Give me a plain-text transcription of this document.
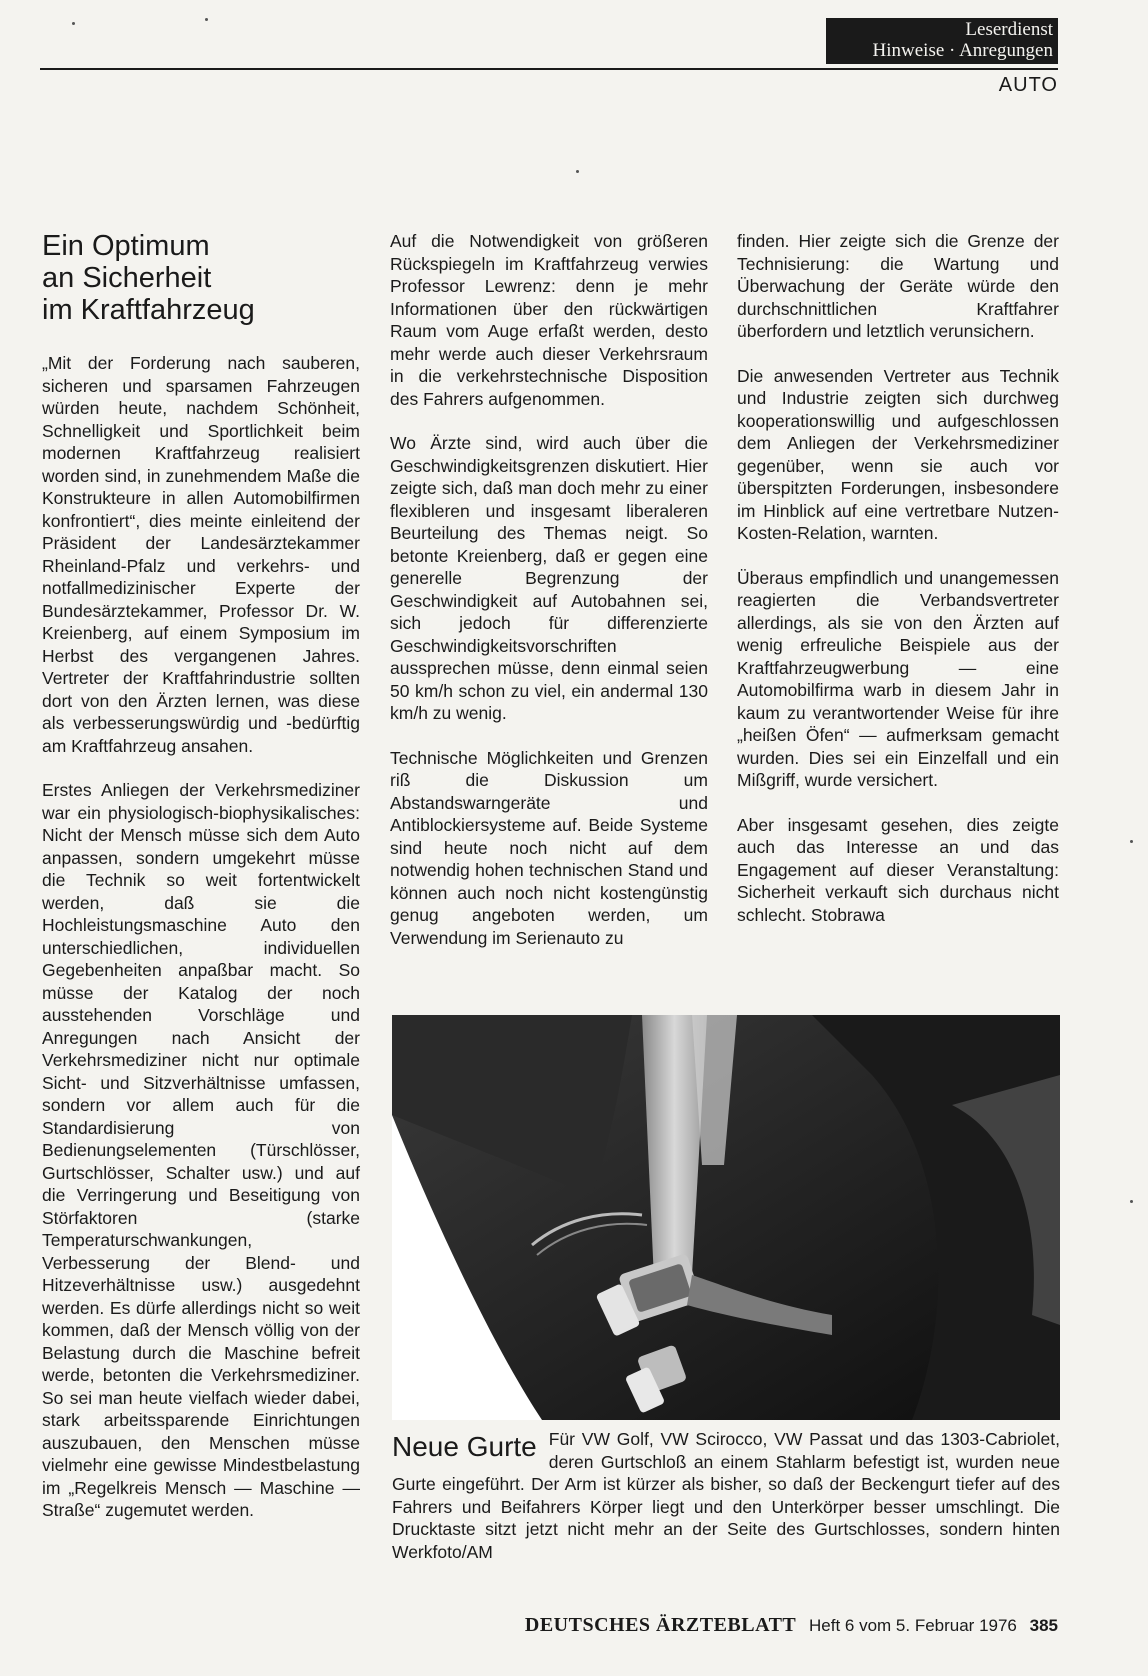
Leserdienst
Hinweise · Anregungen
AUTO
Ein Optimum
an Sicherheit
im Kraftfahrzeug

„Mit der Forderung nach sauberen, sicheren und sparsamen Fahrzeugen würden heute, nachdem Schönheit, Schnelligkeit und Sportlichkeit beim modernen Kraftfahrzeug realisiert worden sind, in zunehmendem Maße die Konstrukteure in allen Automobilfirmen konfrontiert“, dies meinte einleitend der Präsident der Landesärztekammer Rheinland-Pfalz und verkehrs- und notfallmedizinischer Experte der Bundesärztekammer, Professor Dr. W. Kreienberg, auf einem Symposium im Herbst des vergangenen Jahres. Vertreter der Kraftfahrindustrie sollten dort von den Ärzten lernen, was diese als verbesserungswürdig und -bedürftig am Kraftfahrzeug ansahen.

Erstes Anliegen der Verkehrsmediziner war ein physiologisch-biophysikalisches: Nicht der Mensch müsse sich dem Auto anpassen, sondern umgekehrt müsse die Technik so weit fortentwickelt werden, daß sie die Hochleistungsmaschine Auto den unterschiedlichen, individuellen Gegebenheiten anpaßbar macht. So müsse der Katalog der noch ausstehenden Vorschläge und Anregungen nach Ansicht der Verkehrsmediziner nicht nur optimale Sicht- und Sitzverhältnisse umfassen, sondern vor allem auch für die Standardisierung von Bedienungselementen (Türschlösser, Gurtschlösser, Schalter usw.) und auf die Verringerung und Beseitigung von Störfaktoren (starke Temperaturschwankungen, Verbesserung der Blend- und Hitzeverhältnisse usw.) ausgedehnt werden. Es dürfe allerdings nicht so weit kommen, daß der Mensch völlig von der Belastung durch die Maschine befreit werde, betonten die Verkehrsmediziner. So sei man heute vielfach wieder dabei, stark arbeitssparende Einrichtungen auszubauen, den Menschen müsse vielmehr eine gewisse Mindestbelastung im „Regelkreis Mensch — Maschine — Straße“ zugemutet werden.

Auf die Notwendigkeit von größeren Rückspiegeln im Kraftfahrzeug verwies Professor Lewrenz: denn je mehr Informationen über den rückwärtigen Raum vom Auge erfaßt werden, desto mehr werde auch dieser Verkehrsraum in die verkehrstechnische Disposition des Fahrers aufgenommen.

Wo Ärzte sind, wird auch über die Geschwindigkeitsgrenzen diskutiert. Hier zeigte sich, daß man doch mehr zu einer flexibleren und insgesamt liberaleren Beurteilung des Themas neigt. So betonte Kreienberg, daß er gegen eine generelle Begrenzung der Geschwindigkeit auf Autobahnen sei, sich jedoch für differenzierte Geschwindigkeitsvorschriften aussprechen müsse, denn einmal seien 50 km/h schon zu viel, ein andermal 130 km/h zu wenig.

Technische Möglichkeiten und Grenzen riß die Diskussion um Abstandswarngeräte und Antiblockiersysteme auf. Beide Systeme sind heute noch nicht auf dem notwendig hohen technischen Stand und können auch noch nicht kostengünstig genug angeboten werden, um Verwendung im Serienauto zu

finden. Hier zeigte sich die Grenze der Technisierung: die Wartung und Überwachung der Geräte würde den durchschnittlichen Kraftfahrer überfordern und letztlich verunsichern.

Die anwesenden Vertreter aus Technik und Industrie zeigten sich durchweg kooperationswillig und aufgeschlossen dem Anliegen der Verkehrsmediziner gegenüber, wenn sie auch vor überspitzten Forderungen, insbesondere im Hinblick auf eine vertretbare Nutzen-Kosten-Relation, warnten.

Überaus empfindlich und unangemessen reagierten die Verbandsvertreter allerdings, als sie von den Ärzten auf wenig erfreuliche Beispiele aus der Kraftfahrzeugwerbung — eine Automobilfirma warb in diesem Jahr in kaum zu verantwortender Weise für ihre „heißen Öfen“ — aufmerksam gemacht wurden. Dies sei ein Einzelfall und ein Mißgriff, wurde versichert.

Aber insgesamt gesehen, dies zeigte auch das Interesse an und das Engagement auf dieser Veranstaltung: Sicherheit verkauft sich durchaus nicht schlecht. Stobrawa

Neue Gurte Für VW Golf, VW Scirocco, VW Passat und das 1303-Cabriolet, deren Gurtschloß an einem Stahlarm befestigt ist, wurden neue Gurte eingeführt. Der Arm ist kürzer als bisher, so daß der Beckengurt tiefer auf des Fahrers und Beifahrers Körper liegt und den Unterkörper besser umschlingt. Die Drucktaste sitzt jetzt nicht mehr an der Seite des Gurtschlosses, sondern hinten Werkfoto/AM
DEUTSCHES ÄRZTEBLATT Heft 6 vom 5. Februar 1976 385
